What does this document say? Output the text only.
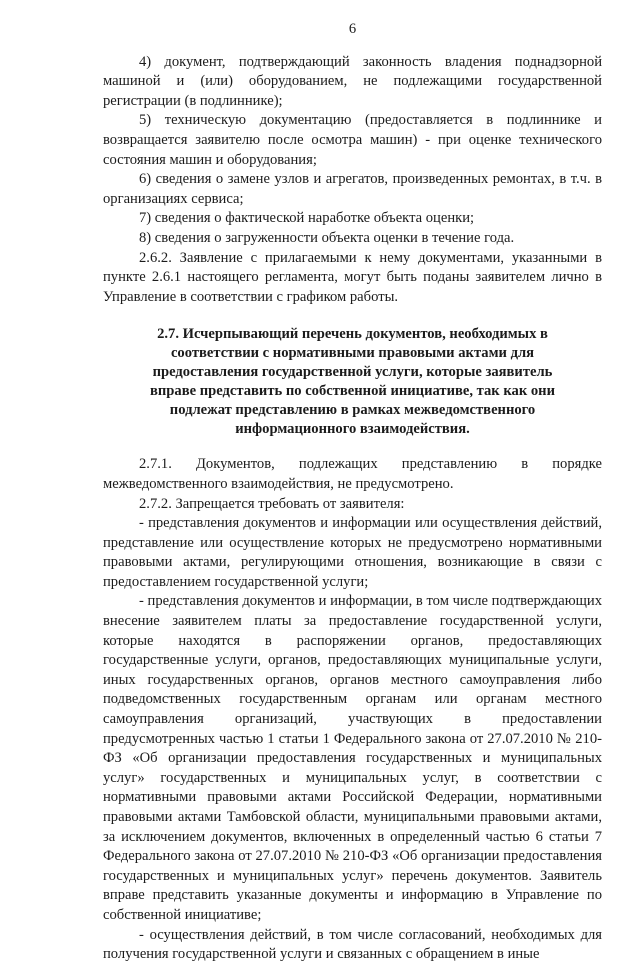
6

4) документ, подтверждающий законность владения поднадзорной машиной и (или) оборудованием, не подлежащими государственной регистрации (в подлиннике);

5) техническую документацию (предоставляется в подлиннике и возвращается заявителю после осмотра машин) - при оценке технического состояния машин и оборудования;

6) сведения о замене узлов и агрегатов, произведенных ремонтах, в т.ч. в организациях сервиса;

7) сведения о фактической наработке объекта оценки;

8) сведения о загруженности объекта оценки в течение года.

2.6.2. Заявление с прилагаемыми к нему документами, указанными в пункте 2.6.1 настоящего регламента, могут быть поданы заявителем лично в Управление в соответствии с графиком работы.

2.7. Исчерпывающий перечень документов, необходимых в соответствии с нормативными правовыми актами для предоставления государственной услуги, которые заявитель вправе представить по собственной инициативе, так как они подлежат представлению в рамках межведомственного информационного взаимодействия.

2.7.1. Документов, подлежащих представлению в порядке межведомственного взаимодействия, не предусмотрено.

2.7.2. Запрещается требовать от заявителя:

- представления документов и информации или осуществления действий, представление или осуществление которых не предусмотрено нормативными правовыми актами, регулирующими отношения, возникающие в связи с предоставлением государственной услуги;

- представления документов и информации, в том числе подтверждающих внесение заявителем платы за предоставление государственной услуги, которые находятся в распоряжении органов, предоставляющих государственные услуги, органов, предоставляющих муниципальные услуги, иных государственных органов, органов местного самоуправления либо подведомственных государственным органам или органам местного самоуправления организаций, участвующих в предоставлении предусмотренных частью 1 статьи 1 Федерального закона от 27.07.2010 № 210-ФЗ «Об организации предоставления государственных и муниципальных услуг» государственных и муниципальных услуг, в соответствии с нормативными правовыми актами Российской Федерации, нормативными правовыми актами Тамбовской области, муниципальными правовыми актами, за исключением документов, включенных в определенный частью 6 статьи 7 Федерального закона от 27.07.2010 № 210-ФЗ «Об организации предоставления государственных и муниципальных услуг» перечень документов. Заявитель вправе представить указанные документы и информацию в Управление по собственной инициативе;

- осуществления действий, в том числе согласований, необходимых для получения государственной услуги и связанных с обращением в иные
